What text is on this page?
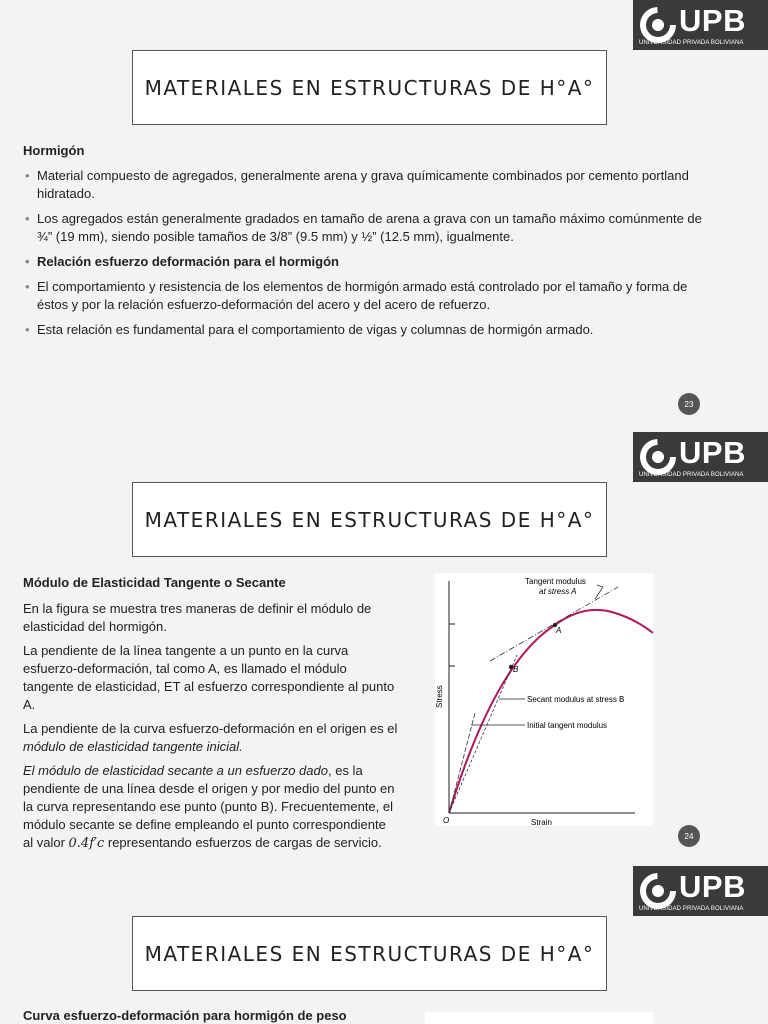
UPB
UNIVERSIDAD PRIVADA BOLIVIANA
MATERIALES EN ESTRUCTURAS DE H°A°
Hormigón
• Material compuesto de agregados, generalmente arena y grava químicamente combinados por cemento portland hidratado.
• Los agregados están generalmente gradados en tamaño de arena a grava con un tamaño máximo comúnmente de ¾” (19 mm), siendo posible tamaños de 3/8” (9.5 mm) y ½” (12.5 mm), igualmente.
• Relación esfuerzo deformación para el hormigón
• El comportamiento y resistencia de los elementos de hormigón armado está controlado por el tamaño y forma de éstos y por la relación esfuerzo-deformación del acero y del acero de refuerzo.
• Esta relación es fundamental para el comportamiento de vigas y columnas de hormigón armado.
23
UPB
UNIVERSIDAD PRIVADA BOLIVIANA
MATERIALES EN ESTRUCTURAS DE H°A°
Módulo de Elasticidad Tangente o Secante

En la figura se muestra tres maneras de definir el módulo de elasticidad del hormigón.

La pendiente de la línea tangente a un punto en la curva esfuerzo-deformación, tal como A, es llamado el módulo tangente de elasticidad, ET al esfuerzo correspondiente al punto A.

La pendiente de la curva esfuerzo-deformación en el origen es el módulo de elasticidad tangente inicial.

El módulo de elasticidad secante a un esfuerzo dado, es la pendiente de una línea desde el origen y por medio del punto en la curva representando ese punto (punto B). Frecuentemente, el módulo secante se define empleando el punto correspondiente al valor 0.4f′c representando esfuerzos de cargas de servicio.

A
B
Tangent modulus
at stress A
Secant modulus at stress B
Initial tangent modulus
O	Strain
Stress
24
UPB
UNIVERSIDAD PRIVADA BOLIVIANA
MATERIALES EN ESTRUCTURAS DE H°A°
Curva esfuerzo-deformación para hormigón de peso
